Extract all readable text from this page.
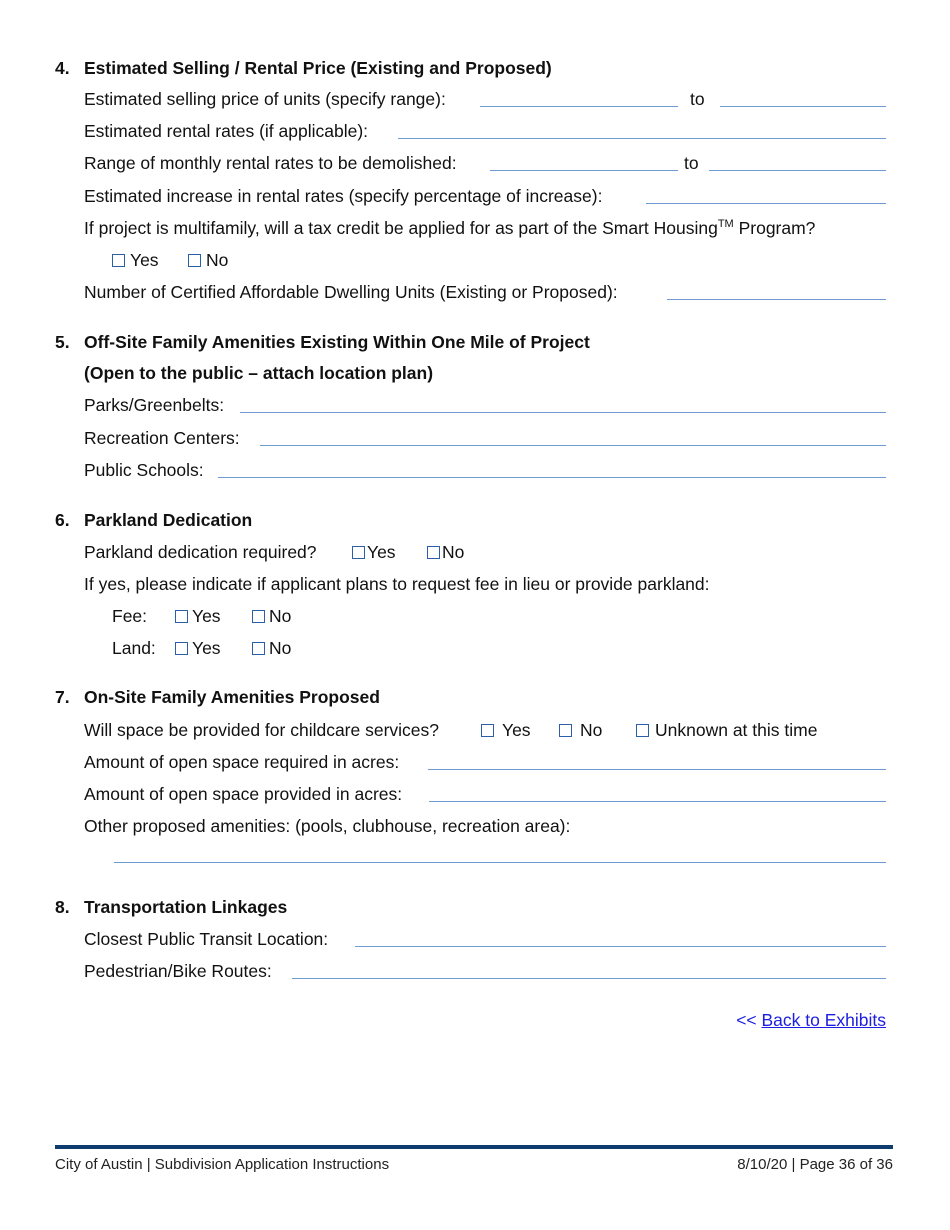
4. Estimated Selling / Rental Price (Existing and Proposed)
Estimated selling price of units (specify range):	to
Estimated rental rates (if applicable):
Range of monthly rental rates to be demolished:	to
Estimated increase in rental rates (specify percentage of increase):
If project is multifamily, will a tax credit be applied for as part of the Smart Housing™ Program?
Yes	No
Number of Certified Affordable Dwelling Units (Existing or Proposed):
5. Off-Site Family Amenities Existing Within One Mile of Project
(Open to the public – attach location plan)
Parks/Greenbelts:
Recreation Centers:
Public Schools:
6. Parkland Dedication
Parkland dedication required?	Yes	No
If yes, please indicate if applicant plans to request fee in lieu or provide parkland:
Fee:	Yes	No
Land:	Yes	No
7. On-Site Family Amenities Proposed
Will space be provided for childcare services?	Yes	No	Unknown at this time
Amount of open space required in acres:
Amount of open space provided in acres:
Other proposed amenities: (pools, clubhouse, recreation area):
8. Transportation Linkages
Closest Public Transit Location:
Pedestrian/Bike Routes:
<< Back to Exhibits
City of Austin | Subdivision Application Instructions	8/10/20 | Page 36 of 36
